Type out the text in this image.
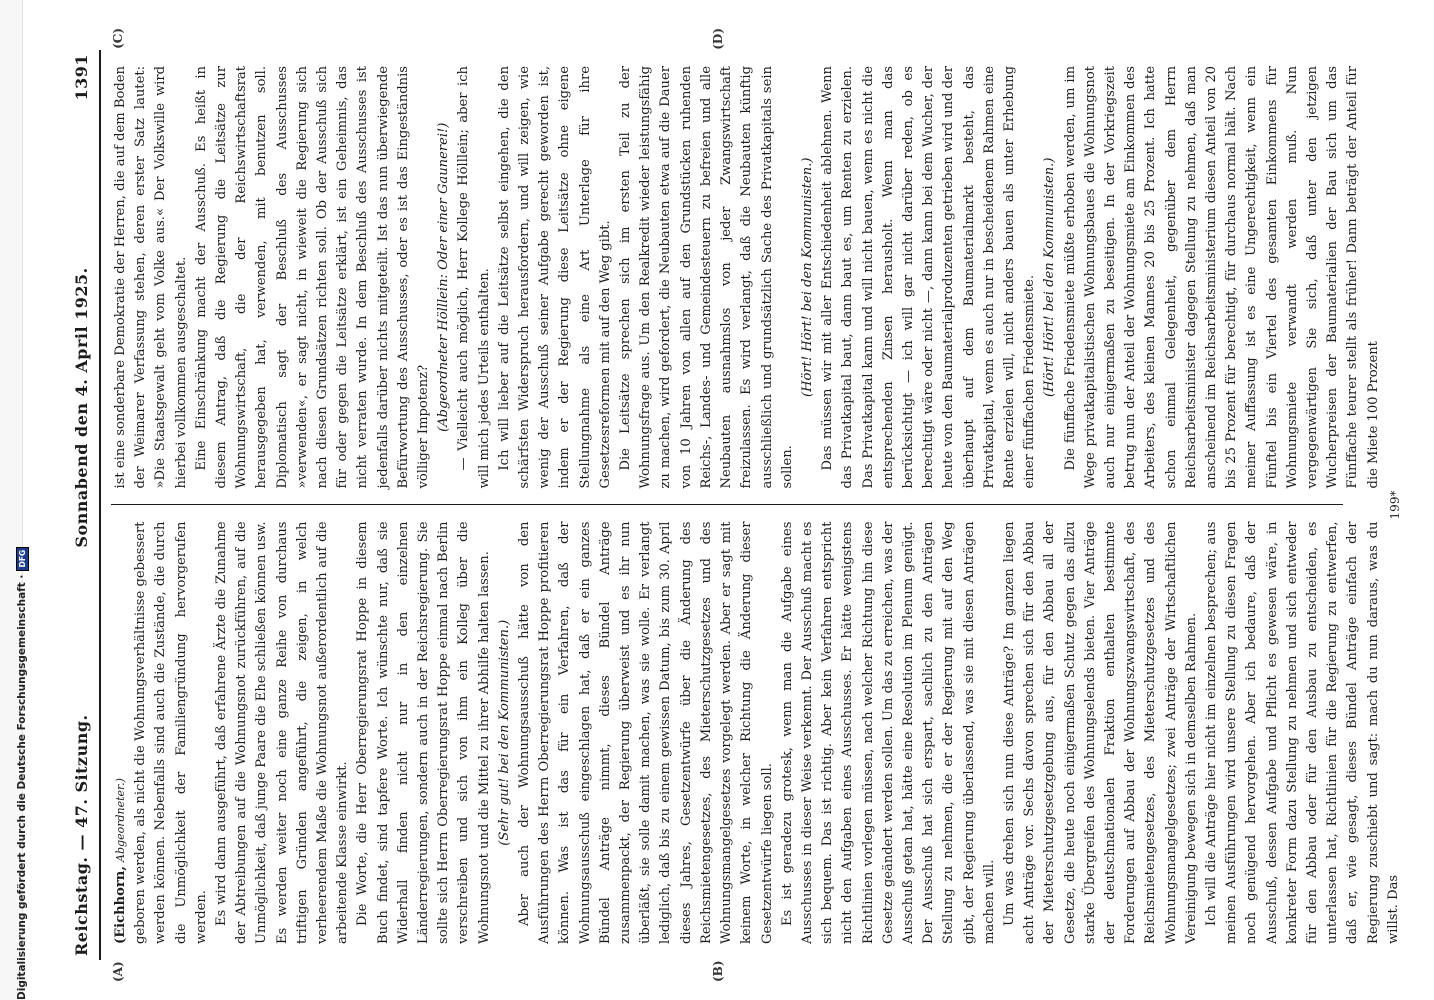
Digitalisierung gefördert durch die Deutsche Forschungsgemeinschaft ·
DFG
Reichstag. — 47. Sitzung.
Sonnabend den 4. April 1925.
1391
(A)	(B)
(C)	(D)

(Eichhorn, Abgeordneter.) geboren werden, als nicht die Wohnungsverhältnisse gebessert werden können. Nebenfalls sind auch die Zustände, die durch die Unmöglichkeit der Familiengründung hervorgerufen werden. Es wird dann ausgeführt, daß erfahrene Ärzte die Zunahme der Abtreibungen auf die Wohnungsnot zurückführen, auf die Unmöglichkeit, daß junge Paare die Ehe schließen können usw. Es werden weiter noch eine ganze Reihe von durchaus triftigen Gründen angeführt, die zeigen, in welch verheerendem Maße die Wohnungsnot außerordentlich auf die arbeitende Klasse einwirkt. Die Worte, die Herr Oberregierungsrat Hoppe in diesem Buch findet, sind tapfere Worte. Ich wünschte nur, daß sie Widerhall finden nicht nur in den einzelnen Länderregierungen, sondern auch in der Reichsregierung. Sie sollte sich Herrn Oberregierungsrat Hoppe einmal nach Berlin verschreiben und sich von ihm ein Kolleg über die Wohnungsnot und die Mittel zu ihrer Abhilfe halten lassen. (Sehr gut! bei den Kommunisten.) Aber auch der Wohnungsausschuß hätte von den Ausführungen des Herrn Oberregierungsrat Hoppe profitieren können. Was ist das für ein Verfahren, daß der Wohnungsausschuß eingeschlagen hat, daß er ein ganzes Bündel Anträge nimmt, dieses Bündel Anträge zusammenpackt, der Regierung überweist und es ihr nun überläßt, sie solle damit machen, was sie wolle. Er verlangt lediglich, daß bis zu einem gewissen Datum, bis zum 30. April dieses Jahres, Gesetzentwürfe über die Änderung des Reichsmietengesetzes, des Mieterschutzgesetzes und des Wohnungsmangelgesetzes vorgelegt werden. Aber er sagt mit keinem Worte, in welcher Richtung die Änderung dieser Gesetzentwürfe liegen soll. Es ist geradezu grotesk, wenn man die Aufgabe eines Ausschusses in dieser Weise verkennt. Der Ausschuß macht es sich bequem. Das ist richtig. Aber kein Verfahren entspricht nicht den Aufgaben eines Ausschusses. Er hätte wenigstens Richtlinien vorlegen müssen, nach welcher Richtung hin diese Gesetze geändert werden sollen. Um das zu erreichen, was der Ausschuß getan hat, hätte eine Resolution im Plenum genügt. Der Ausschuß hat sich erspart, sachlich zu den Anträgen Stellung zu nehmen, die er der Regierung mit auf den Weg gibt, der Regierung überlassend, was sie mit diesen Anträgen machen will. Um was drehen sich nun diese Anträge? Im ganzen liegen acht Anträge vor. Sechs davon sprechen sich für den Abbau der Mieterschutzgesetzgebung aus, für den Abbau all der Gesetze, die heute noch einigermaßen Schutz gegen das allzu starke Übergreifen des Wohnungselends bieten. Vier Anträge der deutschnationalen Fraktion enthalten bestimmte Forderungen auf Abbau der Wohnungszwangswirtschaft, des Reichsmietengesetzes, des Mieterschutzgesetzes und des Wohnungsmangelgesetzes; zwei Anträge der Wirtschaftlichen Vereinigung bewegen sich in demselben Rahmen. Ich will die Anträge hier nicht im einzelnen besprechen; aus meinen Ausführungen wird unsere Stellung zu diesen Fragen noch genügend hervorgehen. Aber ich bedaure, daß der Ausschuß, dessen Aufgabe und Pflicht es gewesen wäre, in konkreter Form dazu Stellung zu nehmen und sich entweder für den Abbau oder für den Ausbau zu entscheiden, es unterlassen hat, Richtlinien für die Regierung zu entwerfen, daß er, wie gesagt, dieses Bündel Anträge einfach der Regierung zuschiebt und sagt: mach du nun daraus, was du willst. Das

ist eine sonderbare Demokratie der Herren, die auf dem Boden der Weimarer Verfassung stehen, deren erster Satz lautet: »Die Staatsgewalt geht vom Volke aus.« Der Volkswille wird hierbei vollkommen ausgeschaltet. Eine Einschränkung macht der Ausschuß. Es heißt in diesem Antrag, daß die Regierung die Leitsätze zur Wohnungswirtschaft, die der Reichswirtschaftsrat herausgegeben hat, verwenden, mit benutzen soll. Diplomatisch sagt der Beschluß des Ausschusses »verwenden«, er sagt nicht, in wieweit die Regierung sich nach diesen Grundsätzen richten soll. Ob der Ausschuß sich für oder gegen die Leitsätze erklärt, ist ein Geheimnis, das nicht verraten wurde. In dem Beschluß des Ausschusses ist jedenfalls darüber nichts mitgeteilt. Ist das nun überwiegende Befürwortung des Ausschusses, oder es ist das Eingeständnis völliger Impotenz? (Abgeordneter Hölllein: Oder einer Gaunerei!) — Vielleicht auch möglich, Herr Kollege Hölllein; aber ich will mich jedes Urteils enthalten. Ich will lieber auf die Leitsätze selbst eingehen, die den schärfsten Widerspruch herausfordern, und will zeigen, wie wenig der Ausschuß seiner Aufgabe gerecht geworden ist, indem er der Regierung diese Leitsätze ohne eigene Stellungnahme als eine Art Unterlage für ihre Gesetzesreformen mit auf den Weg gibt. Die Leitsätze sprechen sich im ersten Teil zu der Wohnungsfrage aus. Um den Realkredit wieder leistungsfähig zu machen, wird gefordert, die Neubauten etwa auf die Dauer von 10 Jahren von allen auf den Grundstücken ruhenden Reichs-, Landes- und Gemeindesteuern zu befreien und alle Neubauten ausnahmslos von jeder Zwangswirtschaft freizulassen. Es wird verlangt, daß die Neubauten künftig ausschließlich und grundsätzlich Sache des Privatkapitals sein sollen.

(Hört! Hört! bei den Kommunisten.) Das müssen wir mit aller Entschiedenheit ablehnen. Wenn das Privatkapital baut, dann baut es, um Renten zu erzielen. Das Privatkapital kann und will nicht bauen, wenn es nicht die entsprechenden Zinsen herausholt. Wenn man das berücksichtigt — ich will gar nicht darüber reden, ob es berechtigt wäre oder nicht —, dann kann bei dem Wucher, der heute von den Baumaterialproduzenten getrieben wird und der überhaupt auf dem Baumaterialmarkt besteht, das Privatkapital, wenn es auch nur in bescheidenem Rahmen eine Rente erzielen will, nicht anders bauen als unter Erhebung einer fünffachen Friedensmiete. (Hört! Hört! bei den Kommunisten.) Die fünffache Friedensmiete müßte erhoben werden, um im Wege privatkapitalistischen Wohnungsbaues die Wohnungsnot auch nur einigermaßen zu beseitigen. In der Vorkriegszeit betrug nun der Anteil der Wohnungsmiete am Einkommen des Arbeiters, des kleinen Mannes 20 bis 25 Prozent. Ich hatte schon einmal Gelegenheit, gegenüber dem Herrn Reichsarbeitsminister dagegen Stellung zu nehmen, daß man anscheinend im Reichsarbeitsministerium diesen Anteil von 20 bis 25 Prozent für berechtigt, für durchaus normal hält. Nach meiner Auffassung ist es eine Ungerechtigkeit, wenn ein Fünftel bis ein Viertel des gesamten Einkommens für Wohnungsmiete verwandt werden muß. Nun vergegenwärtigen Sie sich, daß unter den jetzigen Wucherpreisen der Baumaterialien der Bau sich um das Fünffache teurer stellt als früher! Dann beträgt der Anteil für die Miete 100 Prozent

199*
